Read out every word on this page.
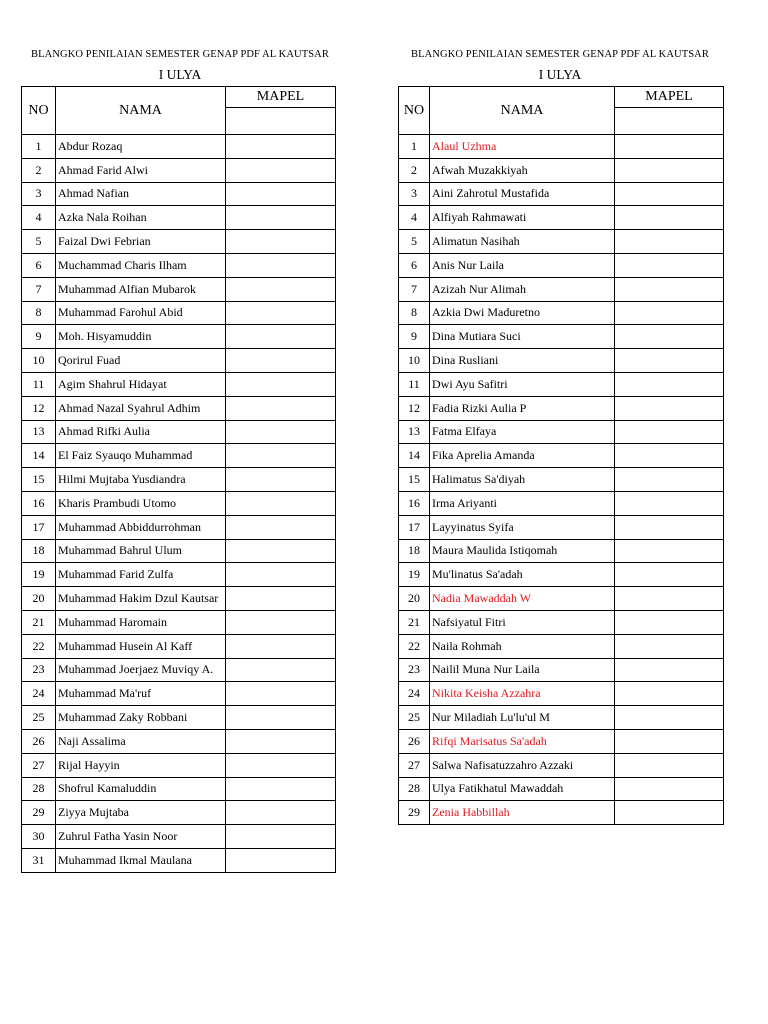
BLANGKO PENILAIAN SEMESTER GENAP PDF AL KAUTSAR
I ULYA
NO	NAMA	MAPEL

1	Abdur Rozaq	
2	Ahmad Farid Alwi	
3	Ahmad Nafian	
4	Azka Nala Roihan	
5	Faizal Dwi Febrian	
6	Muchammad Charis Ilham	
7	Muhammad Alfian Mubarok	
8	Muhammad Farohul Abid	
9	Moh. Hisyamuddin	
10	Qorirul Fuad	
11	Agim Shahrul Hidayat	
12	Ahmad Nazal Syahrul Adhim	
13	Ahmad Rifki Aulia	
14	El Faiz Syauqo Muhammad	
15	Hilmi Mujtaba Yusdiandra	
16	Kharis Prambudi Utomo	
17	Muhammad Abbiddurrohman	
18	Muhammad Bahrul Ulum	
19	Muhammad Farid Zulfa	
20	Muhammad Hakim Dzul Kautsar	
21	Muhammad Haromain	
22	Muhammad Husein Al Kaff	
23	Muhammad Joerjaez Muviqy A.	
24	Muhammad Ma'ruf	
25	Muhammad Zaky Robbani	
26	Naji Assalima	
27	Rijal Hayyin	
28	Shofrul Kamaluddin	
29	Ziyya Mujtaba	
30	Zuhrul Fatha Yasin Noor	
31	Muhammad Ikmal Maulana	
BLANGKO PENILAIAN SEMESTER GENAP PDF AL KAUTSAR
I ULYA
NO	NAMA	MAPEL

1	Alaul Uzhma	
2	Afwah Muzakkiyah	
3	Aini Zahrotul Mustafida	
4	Alfiyah Rahmawati	
5	Alimatun Nasihah	
6	Anis Nur Laila	
7	Azizah Nur Alimah	
8	Azkia Dwi Maduretno	
9	Dina Mutiara Suci	
10	Dina Rusliani	
11	Dwi Ayu Safitri	
12	Fadia Rizki Aulia P	
13	Fatma Elfaya	
14	Fika Aprelia Amanda	
15	Halimatus Sa'diyah	
16	Irma Ariyanti	
17	Layyinatus Syifa	
18	Maura Maulida Istiqomah	
19	Mu'linatus Sa'adah	
20	Nadia Mawaddah W	
21	Nafsiyatul Fitri	
22	Naila Rohmah	
23	Nailil Muna Nur Laila	
24	Nikita Keisha Azzahra	
25	Nur Miladiah Lu'lu'ul M	
26	Rifqi Marisatus Sa'adah	
27	Salwa Nafisatuzzahro Azzaki	
28	Ulya Fatikhatul Mawaddah	
29	Zenia Habbillah	
